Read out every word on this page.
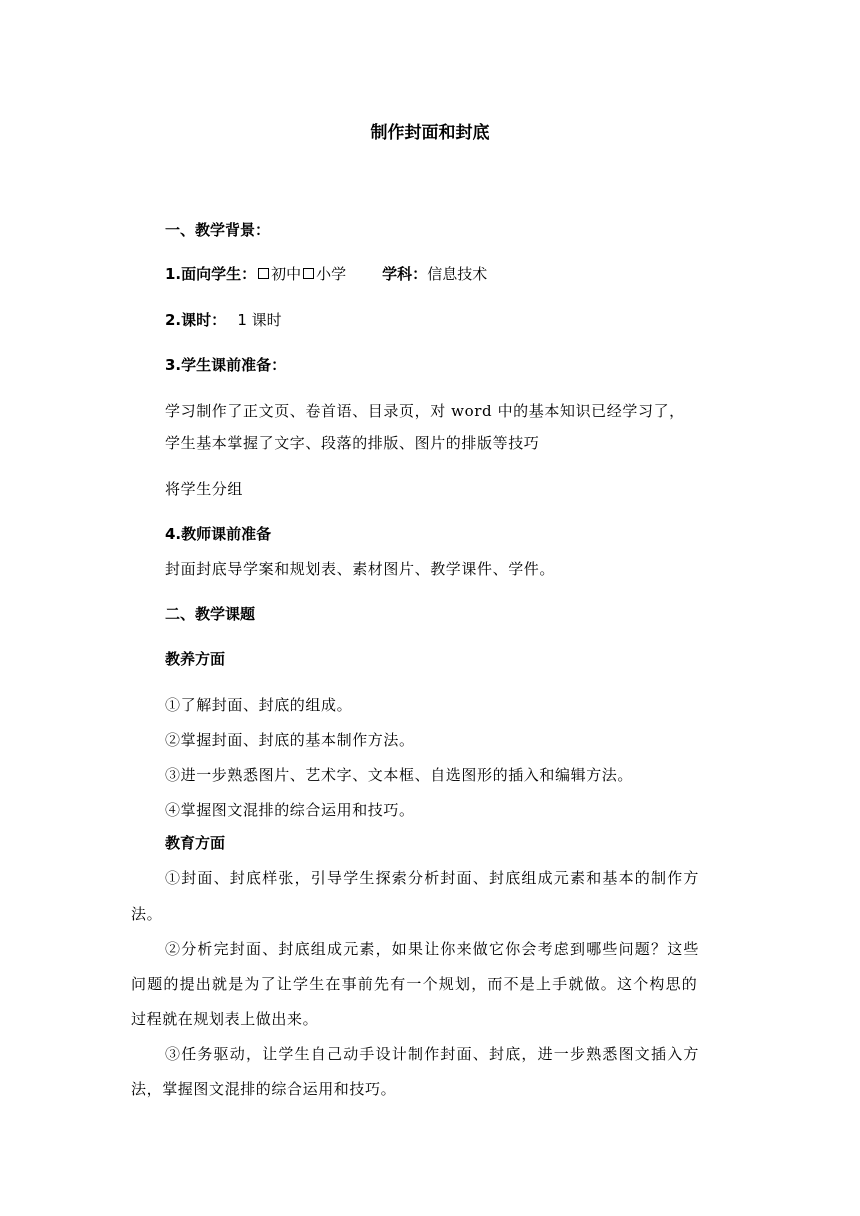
制作封面和封底
一、教学背景：
1.面向学生： 初中 小学 学科： 信息技术
2.课时： 1 课时
3.学生课前准备：
学习制作了正文页、卷首语、目录页，对 word 中的基本知识已经学习了，
学生基本掌握了文字、段落的排版、图片的排版等技巧
将学生分组
4.教师课前准备
封面封底导学案和规划表、素材图片、教学课件、学件。
二、教学课题
教养方面
①了解封面、封底的组成。
②掌握封面、封底的基本制作方法。
③进一步熟悉图片、艺术字、文本框、自选图形的插入和编辑方法。
④掌握图文混排的综合运用和技巧。
教育方面
①封面、封底样张，引导学生探索分析封面、封底组成元素和基本的制作方
法。
②分析完封面、封底组成元素，如果让你来做它你会考虑到哪些问题？这些
问题的提出就是为了让学生在事前先有一个规划，而不是上手就做。这个构思的
过程就在规划表上做出来。
③任务驱动，让学生自己动手设计制作封面、封底，进一步熟悉图文插入方
法，掌握图文混排的综合运用和技巧。
